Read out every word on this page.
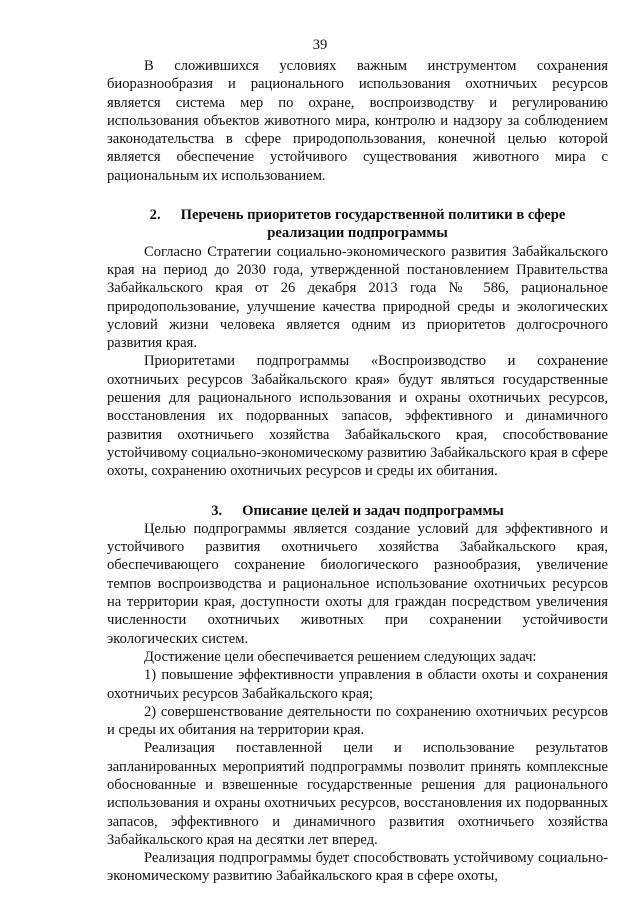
39

В сложившихся условиях важным инструментом сохранения биоразнообразия и рационального использования охотничьих ресурсов является система мер по охране, воспроизводству и регулированию использования объектов животного мира, контролю и надзору за соблюдением законодательства в сфере природопользования, конечной целью которой является обеспечение устойчивого существования животного мира с рациональным их использованием.

2. Перечень приоритетов государственной политики в сфере
реализации подпрограммы

Согласно Стратегии социально-экономического развития Забайкальского края на период до 2030 года, утвержденной постановлением Правительства Забайкальского края от 26 декабря 2013 года № 586, рациональное природопользование, улучшение качества природной среды и экологических условий жизни человека является одним из приоритетов долгосрочного развития края.

Приоритетами подпрограммы «Воспроизводство и сохранение охотничьих ресурсов Забайкальского края» будут являться государственные решения для рационального использования и охраны охотничьих ресурсов, восстановления их подорванных запасов, эффективного и динамичного развития охотничьего хозяйства Забайкальского края, способствование устойчивому социально-экономическому развитию Забайкальского края в сфере охоты, сохранению охотничьих ресурсов и среды их обитания.

3. Описание целей и задач подпрограммы

Целью подпрограммы является создание условий для эффективного и устойчивого развития охотничьего хозяйства Забайкальского края, обеспечивающего сохранение биологического разнообразия, увеличение темпов воспроизводства и рациональное использование охотничьих ресурсов на территории края, доступности охоты для граждан посредством увеличения численности охотничьих животных при сохранении устойчивости экологических систем.

Достижение цели обеспечивается решением следующих задач:

1) повышение эффективности управления в области охоты и сохранения охотничьих ресурсов Забайкальского края;

2) совершенствование деятельности по сохранению охотничьих ресурсов и среды их обитания на территории края.

Реализация поставленной цели и использование результатов запланированных мероприятий подпрограммы позволит принять комплексные обоснованные и взвешенные государственные решения для рационального использования и охраны охотничьих ресурсов, восстановления их подорванных запасов, эффективного и динамичного развития охотничьего хозяйства Забайкальского края на десятки лет вперед.

Реализация подпрограммы будет способствовать устойчивому социально-экономическому развитию Забайкальского края в сфере охоты,
